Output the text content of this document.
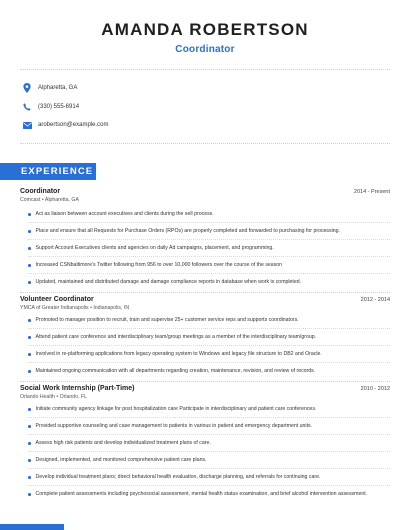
AMANDA ROBERTSON
Coordinator
Alpharetta, GA
(330) 555-6914
arobertson@example.com
EXPERIENCE
Coordinator	2014 - Present
Comcast • Alpharetta, GA
Act as liaison between account executives and clients during the sell process.
Place and ensure that all Requests for Purchase Orders (RPOs) are properly completed and forwarded to purchasing for processing.
Support Account Executives clients and agencies on daily Ad campaigns, placement, and programming.
Increased CSNbaltimore's Twitter following from 956 to over 10,000 followers over the course of the season
Updated, maintained and distributed damage and damage compliance reports in database when work is completed.
Volunteer Coordinator	2012 - 2014
YMCA of Greater Indianapolis • Indianapolis, IN
Promoted to manager position to recruit, train and supervise 25+ customer service reps and supports coordinators.
Attend patient care conference and interdisciplinary team/group meetings as a member of the interdisciplinary team/group.
Involved in re-platforming applications from legacy operating system to Windows and legacy file structure to DB2 and Oracle.
Maintained ongoing communication with all departments regarding creation, maintenance, revision, and review of records.
Social Work Internship (Part-Time)	2010 - 2012
Orlando Health • Orlando, FL
Initiate community agency linkage for post hospitalization care Participate in interdisciplinary and patient care conferences.
Provided supportive counseling and case management to patients in various in patient and emergency department units.
Assess high risk patients and develop individualized treatment plans of care.
Designed, implemented, and monitored comprehensive patient care plans.
Develop individual treatment plans; direct behavioral health evaluation, discharge planning, and referrals for continuing care.
Complete patient assessments including psychosocial assessment, mental health status examination, and brief alcohol intervention assessment.
